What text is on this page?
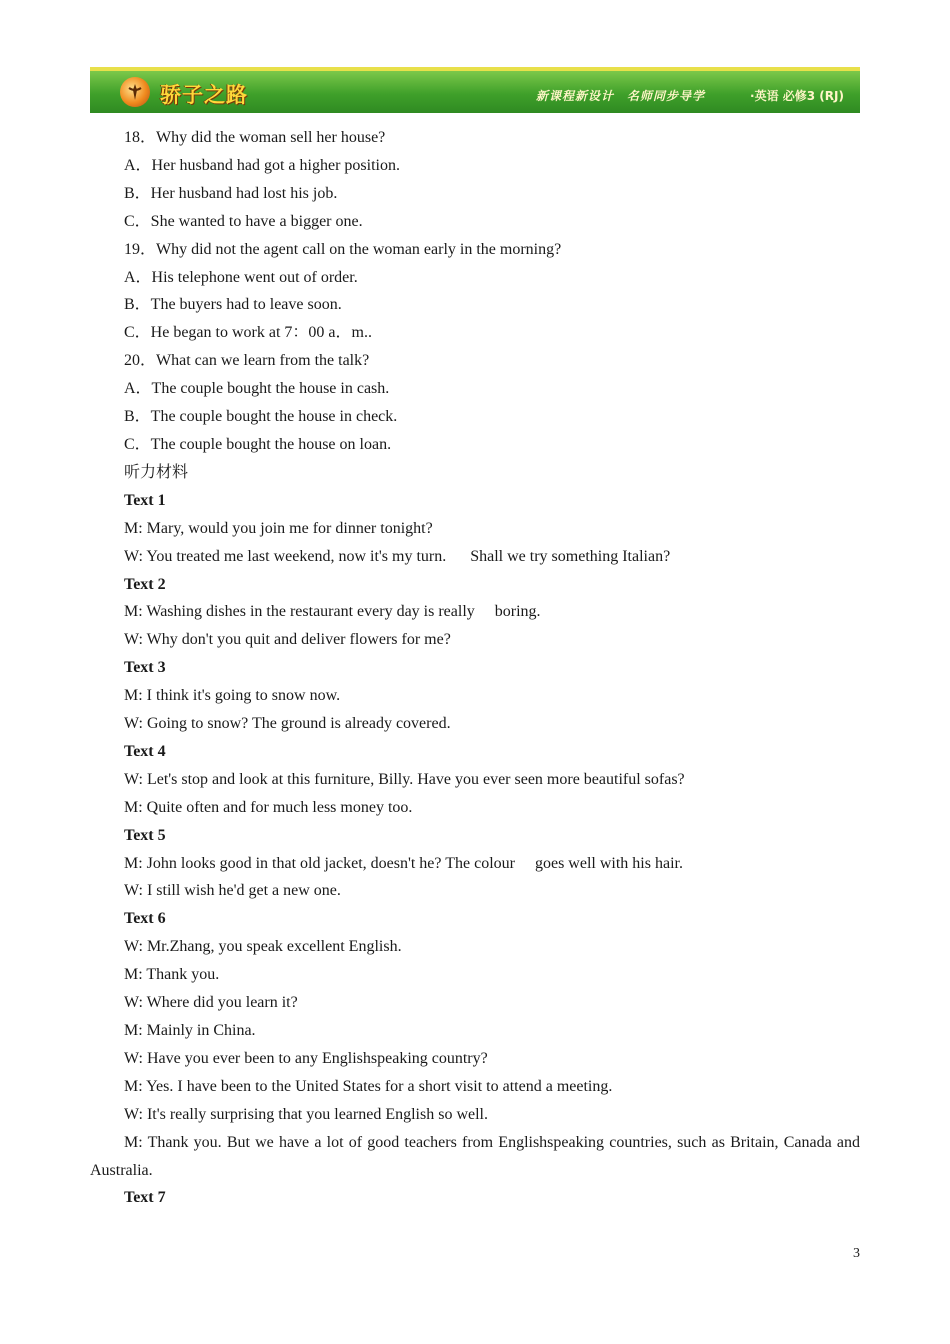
骄子之路	新课程新设计　名师同步导学	·英语 必修3 (RJ)
18．Why did the woman sell her house?
A．Her husband had got a higher position.
B．Her husband had lost his job.
C．She wanted to have a bigger one.
19．Why did not the agent call on the woman early in the morning?
A．His telephone went out of order.
B．The buyers had to leave soon.
C．He began to work at 7：00 a．m..
20．What can we learn from the talk?
A．The couple bought the house in cash.
B．The couple bought the house in check.
C．The couple bought the house on loan.
听力材料
Text 1
M: Mary, would you join me for dinner tonight?
W: You treated me last weekend, now it's my turn.      Shall we try something Italian?
Text 2
M: Washing dishes in the restaurant every day is really     boring.
W: Why don't you quit and deliver flowers for me?
Text 3
M: I think it's going to snow now.
W: Going to snow? The ground is already covered.
Text 4
W: Let's stop and look at this furniture, Billy. Have you ever seen more beautiful sofas?
M: Quite often and for much less money too.
Text 5
M: John looks good in that old jacket, doesn't he? The colour     goes well with his hair.
W: I still wish he'd get a new one.
Text 6
W: Mr.Zhang, you speak excellent English.
M: Thank you.
W: Where did you learn it?
M: Mainly in China.
W: Have you ever been to any Englishspeaking country?
M: Yes. I have been to the United States for a short visit to attend a meeting.
W: It's really surprising that you learned English so well.
M: Thank you. But we have a lot of good teachers from Englishspeaking countries, such as Britain, Canada and Australia.
Text 7
3
